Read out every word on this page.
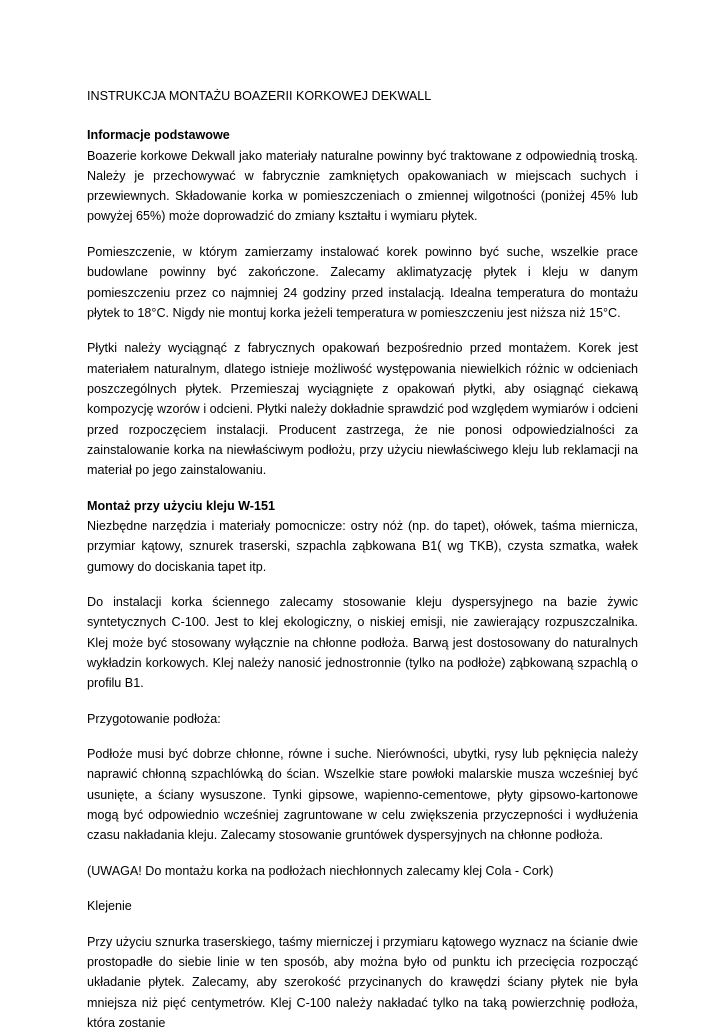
INSTRUKCJA MONTAŻU BOAZERII KORKOWEJ DEKWALL

Informacje podstawowe
Boazerie korkowe Dekwall jako materiały naturalne powinny być traktowane z odpowiednią troską. Należy je przechowywać w fabrycznie zamkniętych opakowaniach w miejscach suchych i przewiewnych. Składowanie korka w pomieszczeniach o zmiennej wilgotności (poniżej 45% lub powyżej 65%) może doprowadzić do zmiany kształtu i wymiaru płytek.

Pomieszczenie, w którym zamierzamy instalować korek powinno być suche, wszelkie prace budowlane powinny być zakończone. Zalecamy aklimatyzację płytek i kleju w danym pomieszczeniu przez co najmniej 24 godziny przed instalacją. Idealna temperatura do montażu płytek to 18°C. Nigdy nie montuj korka jeżeli temperatura w pomieszczeniu jest niższa niż 15°C.

Płytki należy wyciągnąć z fabrycznych opakowań bezpośrednio przed montażem. Korek jest materiałem naturalnym, dlatego istnieje możliwość występowania niewielkich różnic w odcieniach poszczególnych płytek. Przemieszaj wyciągnięte z opakowań płytki, aby osiągnąć ciekawą kompozycję wzorów i odcieni. Płytki należy dokładnie sprawdzić pod względem wymiarów i odcieni przed rozpoczęciem instalacji. Producent zastrzega, że nie ponosi odpowiedzialności za zainstalowanie korka na niewłaściwym podłożu, przy użyciu niewłaściwego kleju lub reklamacji na materiał po jego zainstalowaniu.

Montaż przy użyciu kleju W-151
Niezbędne narzędzia i materiały pomocnicze: ostry nóż (np. do tapet), ołówek, taśma miernicza, przymiar kątowy, sznurek traserski, szpachla ząbkowana B1( wg TKB), czysta szmatka, wałek gumowy do dociskania tapet itp.

Do instalacji korka ściennego zalecamy stosowanie kleju dyspersyjnego na bazie żywic syntetycznych C-100. Jest to klej ekologiczny, o niskiej emisji, nie zawierający rozpuszczalnika. Klej może być stosowany wyłącznie na chłonne podłoża. Barwą jest dostosowany do naturalnych wykładzin korkowych. Klej należy nanosić jednostronnie (tylko na podłoże) ząbkowaną szpachlą o profilu B1.

Przygotowanie podłoża:

Podłoże musi być dobrze chłonne, równe i suche. Nierówności, ubytki, rysy lub pęknięcia należy naprawić chłonną szpachlówką do ścian. Wszelkie stare powłoki malarskie musza wcześniej być usunięte, a ściany wysuszone. Tynki gipsowe, wapienno-cementowe, płyty gipsowo-kartonowe mogą być odpowiednio wcześniej zagruntowane w celu zwiększenia przyczepności i wydłużenia czasu nakładania kleju. Zalecamy stosowanie gruntówek dyspersyjnych na chłonne podłoża.

(UWAGA! Do montażu korka na podłożach niechłonnych zalecamy klej Cola - Cork)

Klejenie

Przy użyciu sznurka traserskiego, taśmy mierniczej i przymiaru kątowego wyznacz na ścianie dwie prostopadłe do siebie linie w ten sposób, aby można było od punktu ich przecięcia rozpocząć układanie płytek. Zalecamy, aby szerokość przycinanych do krawędzi ściany płytek nie była mniejsza niż pięć centymetrów. Klej C-100 należy nakładać tylko na taką powierzchnię podłoża, która zostanie
